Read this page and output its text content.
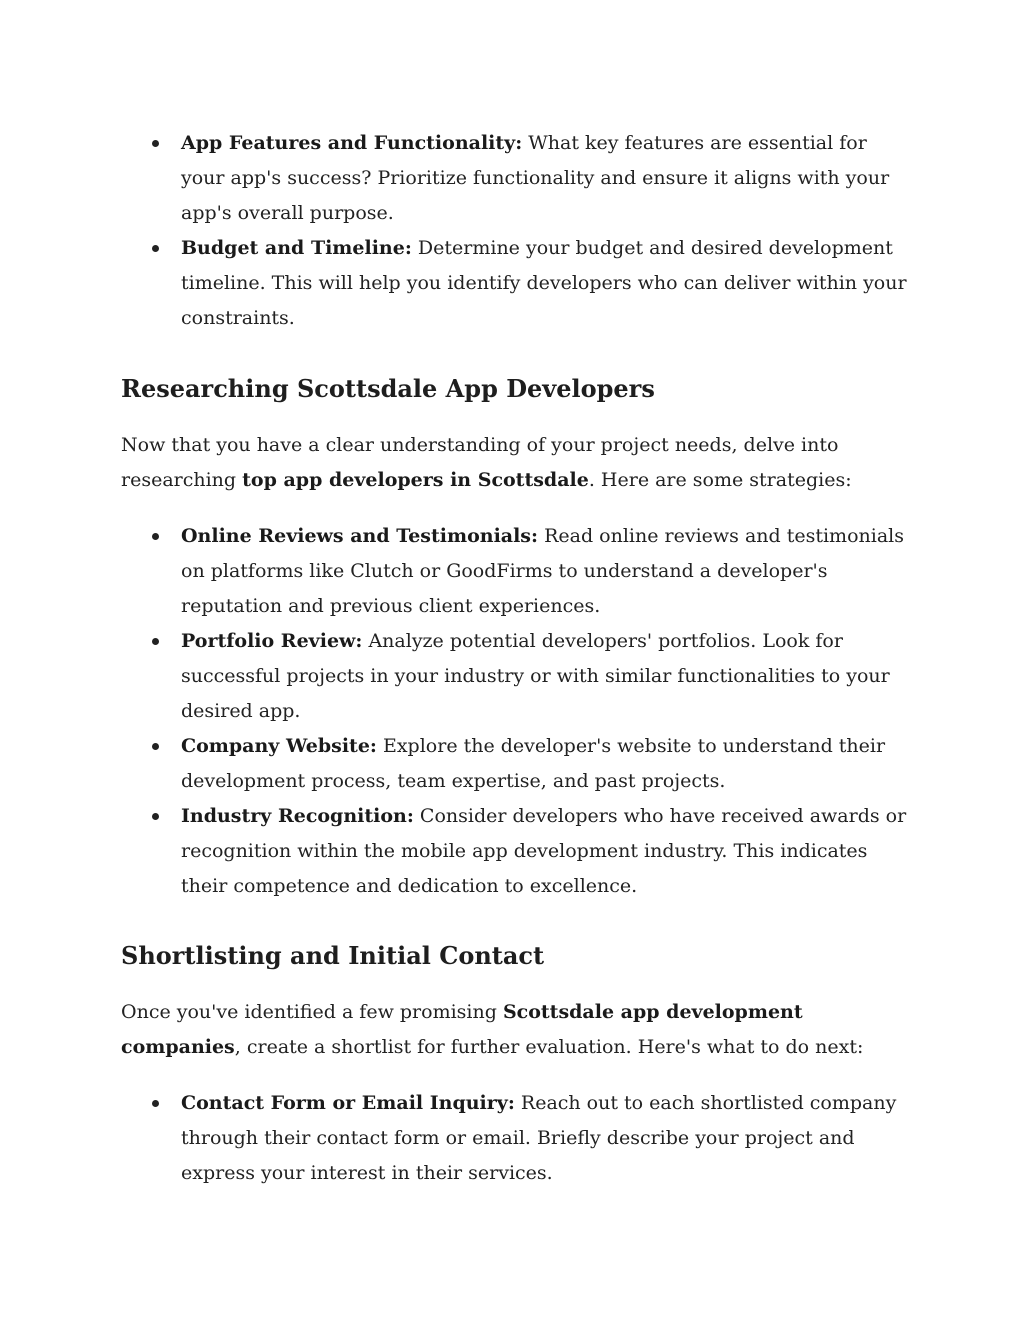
App Features and Functionality: What key features are essential for your app's success? Prioritize functionality and ensure it aligns with your app's overall purpose.
Budget and Timeline: Determine your budget and desired development timeline. This will help you identify developers who can deliver within your constraints.
Researching Scottsdale App Developers

Now that you have a clear understanding of your project needs, delve into researching top app developers in Scottsdale. Here are some strategies:

Online Reviews and Testimonials: Read online reviews and testimonials on platforms like Clutch or GoodFirms to understand a developer's reputation and previous client experiences.
Portfolio Review: Analyze potential developers' portfolios. Look for successful projects in your industry or with similar functionalities to your desired app.
Company Website: Explore the developer's website to understand their development process, team expertise, and past projects.
Industry Recognition: Consider developers who have received awards or recognition within the mobile app development industry. This indicates their competence and dedication to excellence.
Shortlisting and Initial Contact

Once you've identified a few promising Scottsdale app development companies, create a shortlist for further evaluation. Here's what to do next:

Contact Form or Email Inquiry: Reach out to each shortlisted company through their contact form or email. Briefly describe your project and express your interest in their services.
